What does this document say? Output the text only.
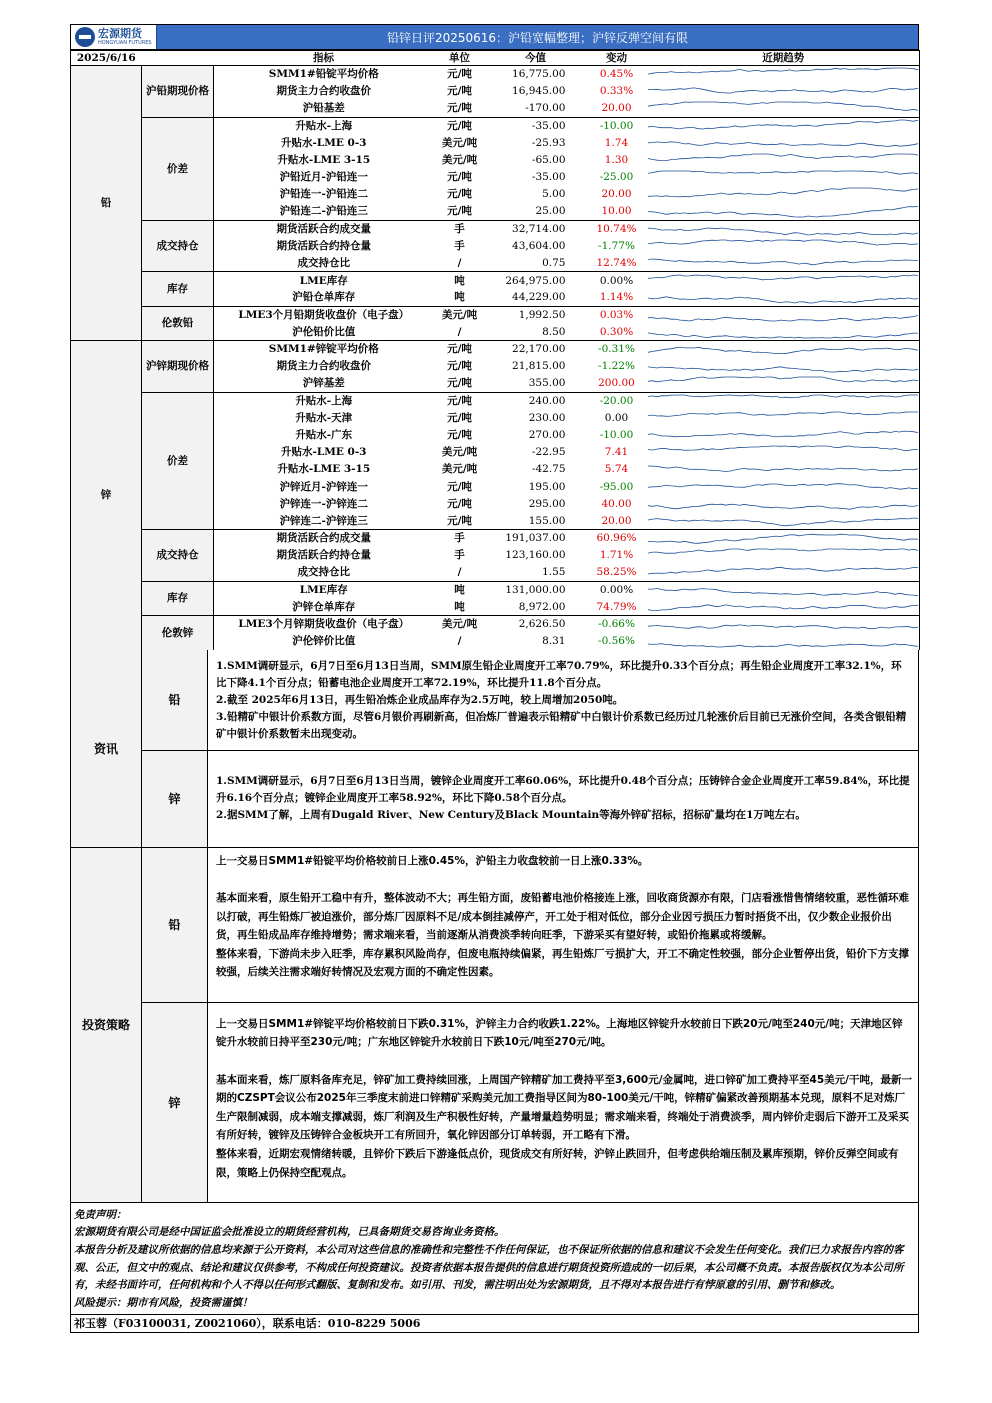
宏源期货
HONGYUAN FUTURES	铅锌日评20250616：沪铅宽幅整理；沪锌反弹空间有限
2025/6/16		指标	单位	今值	变动	近期趋势
铅	沪铅期现价格	SMM1#铅锭平均价格	元/吨	16,775.00	0.45%	

		期货主力合约收盘价	元/吨	16,945.00	0.33%	

		沪铅基差	元/吨	-170.00	20.00	

	价差	升贴水-上海	元/吨	-35.00	-10.00	

		升贴水-LME 0-3	美元/吨	-25.93	1.74	

		升贴水-LME 3-15	美元/吨	-65.00	1.30	

		沪铅近月-沪铅连一	元/吨	-35.00	-25.00	

		沪铅连一-沪铅连二	元/吨	5.00	20.00	

		沪铅连二-沪铅连三	元/吨	25.00	10.00	

	成交持仓	期货活跃合约成交量	手	32,714.00	10.74%	

		期货活跃合约持仓量	手	43,604.00	-1.77%	

		成交持仓比	/	0.75	12.74%	

	库存	LME库存	吨	264,975.00	0.00%	

		沪铅仓单库存	吨	44,229.00	1.14%	

	伦敦铅	LME3个月铅期货收盘价（电子盘）	美元/吨	1,992.50	0.03%	

		沪伦铅价比值	/	8.50	0.30%	

锌	沪锌期现价格	SMM1#锌锭平均价格	元/吨	22,170.00	-0.31%	

		期货主力合约收盘价	元/吨	21,815.00	-1.22%	

		沪锌基差	元/吨	355.00	200.00	

	价差	升贴水-上海	元/吨	240.00	-20.00	

		升贴水-天津	元/吨	230.00	0.00	

		升贴水-广东	元/吨	270.00	-10.00	

		升贴水-LME 0-3	美元/吨	-22.95	7.41	

		升贴水-LME 3-15	美元/吨	-42.75	5.74	

		沪锌近月-沪锌连一	元/吨	195.00	-95.00	

		沪锌连一-沪锌连二	元/吨	295.00	40.00	

		沪锌连二-沪锌连三	元/吨	155.00	20.00	

	成交持仓	期货活跃合约成交量	手	191,037.00	60.96%	

		期货活跃合约持仓量	手	123,160.00	1.71%	

		成交持仓比	/	1.55	58.25%	

	库存	LME库存	吨	131,000.00	0.00%	

		沪锌仓单库存	吨	8,972.00	74.79%	

	伦敦锌	LME3个月锌期货收盘价（电子盘）	美元/吨	2,626.50	-0.66%	

		沪伦锌价比值	/	8.31	-0.56%	
资讯
铅

1.SMM调研显示，6月7日至6月13日当周，SMM原生铅企业周度开工率70.79%，环比提升0.33个百分点；再生铅企业周度开工率32.1%，环比下降4.1个百分点；铅蓄电池企业周度开工率72.19%，环比提升11.8个百分点。

2.截至 2025年6月13日，再生铅冶炼企业成品库存为2.5万吨，较上周增加2050吨。

3.铅精矿中银计价系数方面，尽管6月银价再刷新高，但冶炼厂普遍表示铅精矿中白银计价系数已经历过几轮涨价后目前已无涨价空间，各类含银铅精矿中银计价系数暂未出现变动。

锌

1.SMM调研显示，6月7日至6月13日当周，镀锌企业周度开工率60.06%，环比提升0.48个百分点；压铸锌合金企业周度开工率59.84%，环比提升6.16个百分点；镀锌企业周度开工率58.92%，环比下降0.58个百分点。

2.据SMM了解，上周有Dugald River、New Century及Black Mountain等海外锌矿招标，招标矿量均在1万吨左右。

投资策略
铅

上一交易日SMM1#铅锭平均价格较前日上涨0.45%，沪铅主力收盘较前一日上涨0.33%。

基本面来看，原生铅开工稳中有升，整体波动不大；再生铅方面，废铅蓄电池价格接连上涨，回收商货源亦有限，门店看涨惜售情绪较重，恶性循环难以打破，再生铅炼厂被迫涨价，部分炼厂因原料不足/成本倒挂减停产，开工处于相对低位，部分企业因亏损压力暂时捂货不出，仅少数企业报价出货，再生铅成品库存维持增势；需求端来看，当前逐渐从消费淡季转向旺季，下游采买有望好转，或铅价拖累或将缓解。

整体来看，下游尚未步入旺季，库存累积风险尚存，但废电瓶持续偏紧，再生铅炼厂亏损扩大，开工不确定性较强，部分企业暂停出货，铅价下方支撑较强，后续关注需求端好转情况及宏观方面的不确定性因素。

锌

上一交易日SMM1#锌锭平均价格较前日下跌0.31%，沪锌主力合约收跌1.22%。上海地区锌锭升水较前日下跌20元/吨至240元/吨；天津地区锌锭升水较前日持平至230元/吨；广东地区锌锭升水较前日下跌10元/吨至270元/吨。

基本面来看，炼厂原料备库充足，锌矿加工费持续回涨，上周国产锌精矿加工费持平至3,600元/金属吨，进口锌矿加工费持平至45美元/干吨，最新一期的CZSPT会议公布2025年三季度末前进口锌精矿采购美元加工费指导区间为80-100美元/干吨，锌精矿偏紧改善预期基本兑现，原料不足对炼厂生产限制减弱，成本端支撑减弱，炼厂利润及生产积极性好转，产量增量趋势明显；需求端来看，终端处于消费淡季，周内锌价走弱后下游开工及采买有所好转，镀锌及压铸锌合金板块开工有所回升，氧化锌因部分订单转弱，开工略有下滑。

整体来看，近期宏观情绪转暖，且锌价下跌后下游逢低点价，现货成交有所好转，沪锌止跌回升，但考虑供给端压制及累库预期，锌价反弹空间或有限，策略上仍保持空配观点。

免责声明：

宏源期货有限公司是经中国证监会批准设立的期货经营机构，已具备期货交易咨询业务资格。

本报告分析及建议所依据的信息均来源于公开资料，本公司对这些信息的准确性和完整性不作任何保证，也不保证所依据的信息和建议不会发生任何变化。我们已力求报告内容的客观、公正，但文中的观点、结论和建议仅供参考，不构成任何投资建议。投资者依据本报告提供的信息进行期货投资所造成的一切后果，本公司概不负责。本报告版权仅为本公司所有，未经书面许可，任何机构和个人不得以任何形式翻版、复制和发布。如引用、刊发，需注明出处为宏源期货，且不得对本报告进行有悖原意的引用、删节和修改。

风险提示：期市有风险，投资需谨慎！

祁玉蓉（F03100031, Z0021060），联系电话：010-8229 5006
